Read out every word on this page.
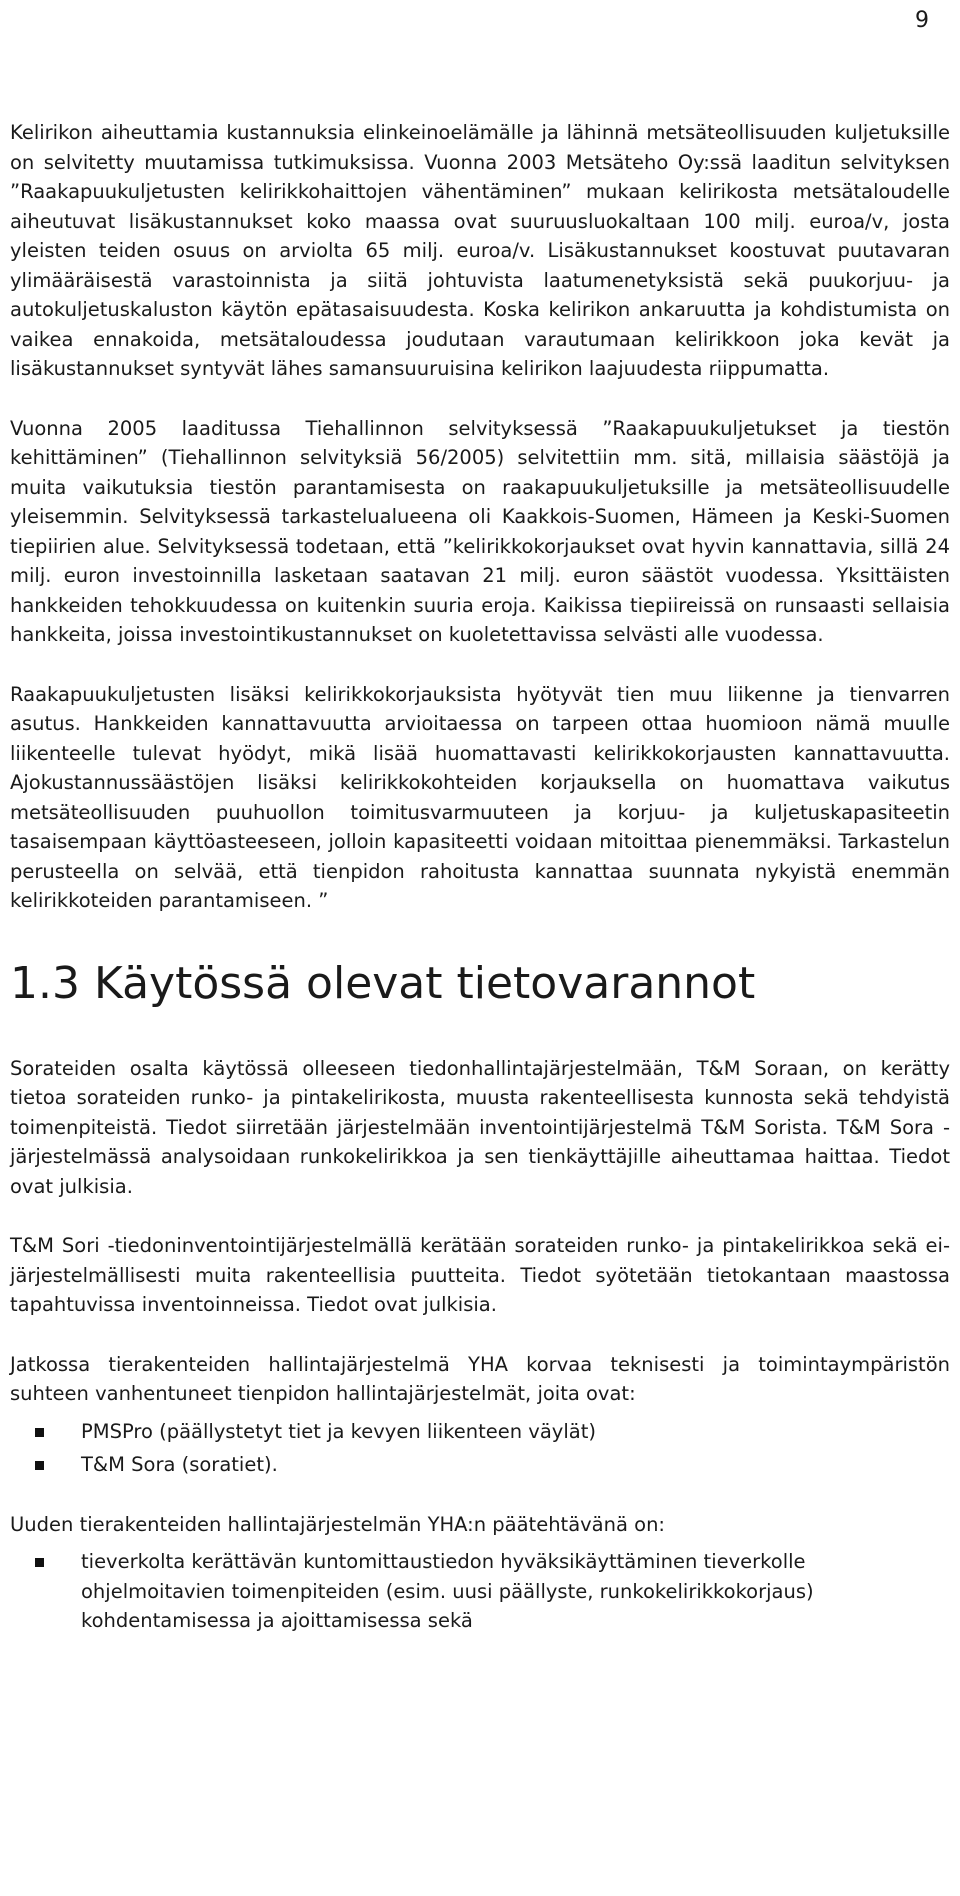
9

Kelirikon aiheuttamia kustannuksia elinkeinoelämälle ja lähinnä metsäteollisuuden kuljetuksille on selvitetty muutamissa tutkimuksissa. Vuonna 2003 Metsäteho Oy:ssä laaditun selvityksen ”Raakapuukuljetusten kelirikkohaittojen vähentäminen” mukaan kelirikosta metsätaloudelle aiheutuvat lisäkustannukset koko maassa ovat suuruusluokaltaan 100 milj. euroa/v, josta yleisten teiden osuus on arviolta 65 milj. euroa/v. Lisäkustannukset koostuvat puutavaran ylimääräisestä varastoinnista ja siitä johtuvista laatumenetyksistä sekä puukorjuu- ja autokuljetuskaluston käytön epätasaisuudesta. Koska kelirikon ankaruutta ja kohdistumista on vaikea ennakoida, metsätaloudessa joudutaan varautumaan kelirikkoon joka kevät ja lisäkustannukset syntyvät lähes samansuuruisina kelirikon laajuudesta riippumatta.

Vuonna 2005 laaditussa Tiehallinnon selvityksessä ”Raakapuukuljetukset ja tiestön kehittäminen” (Tiehallinnon selvityksiä 56/2005) selvitettiin mm. sitä, millaisia säästöjä ja muita vaikutuksia tiestön parantamisesta on raakapuukuljetuksille ja metsäteollisuudelle yleisemmin. Selvityksessä tarkastelualueena oli Kaakkois-Suomen, Hämeen ja Keski-Suomen tiepiirien alue. Selvityksessä todetaan, että ”kelirikkokorjaukset ovat hyvin kannattavia, sillä 24 milj. euron investoinnilla lasketaan saatavan 21 milj. euron säästöt vuodessa. Yksittäisten hankkeiden tehokkuudessa on kuitenkin suuria eroja. Kaikissa tiepiireissä on runsaasti sellaisia hankkeita, joissa investointikustannukset on kuoletettavissa selvästi alle vuodessa.

Raakapuukuljetusten lisäksi kelirikkokorjauksista hyötyvät tien muu liikenne ja tienvarren asutus. Hankkeiden kannattavuutta arvioitaessa on tarpeen ottaa huomioon nämä muulle liikenteelle tulevat hyödyt, mikä lisää huomattavasti kelirikkokorjausten kannattavuutta. Ajokustannussäästöjen lisäksi kelirikkokohteiden korjauksella on huomattava vaikutus metsäteollisuuden puuhuollon toimitusvarmuuteen ja korjuu- ja kuljetuskapasiteetin tasaisempaan käyttöasteeseen, jolloin kapasiteetti voidaan mitoittaa pienemmäksi. Tarkastelun perusteella on selvää, että tienpidon rahoitusta kannattaa suunnata nykyistä enemmän kelirikkoteiden parantamiseen. ”

1.3 Käytössä olevat tietovarannot

Sorateiden osalta käytössä olleeseen tiedonhallintajärjestelmään, T&M Soraan, on kerätty tietoa sorateiden runko- ja pintakelirikosta, muusta rakenteellisesta kunnosta sekä tehdyistä toimenpiteistä. Tiedot siirretään järjestelmään inventointijärjestelmä T&M Sorista. T&M Sora -järjestelmässä analysoidaan runkokelirikkoa ja sen tienkäyttäjille aiheuttamaa haittaa. Tiedot ovat julkisia.

T&M Sori -tiedoninventointijärjestelmällä kerätään sorateiden runko- ja pintakelirikkoa sekä ei-järjestelmällisesti muita rakenteellisia puutteita. Tiedot syötetään tietokantaan maastossa tapahtuvissa inventoinneissa. Tiedot ovat julkisia.

Jatkossa tierakenteiden hallintajärjestelmä YHA korvaa teknisesti ja toimintaympäristön suhteen vanhentuneet tienpidon hallintajärjestelmät, joita ovat:

PMSPro (päällystetyt tiet ja kevyen liikenteen väylät)
T&M Sora (soratiet).

Uuden tierakenteiden hallintajärjestelmän YHA:n päätehtävänä on:

tieverkolta kerättävän kuntomittaustiedon hyväksikäyttäminen tieverkolle ohjelmoitavien toimenpiteiden (esim. uusi päällyste, runkokelirikkokorjaus) kohdentamisessa ja ajoittamisessa sekä
